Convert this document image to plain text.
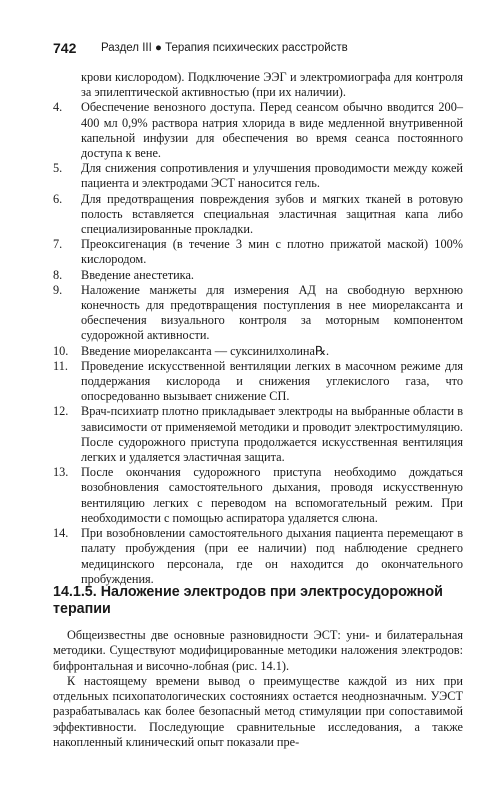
742 Раздел III ● Терапия психических расстройств

крови кислородом). Подключение ЭЭГ и электромиографа для контроля за эпилептической активностью (при их наличии).

4.	Обеспечение венозного доступа. Перед сеансом обычно вводится 200–400 мл 0,9% раствора натрия хлорида в виде медленной внутривенной капельной инфузии для обеспечения во время сеанса постоянного доступа к вене.

5.	Для снижения сопротивления и улучшения проводимости между кожей пациента и электродами ЭСТ наносится гель.

6.	Для предотвращения повреждения зубов и мягких тканей в ротовую полость вставляется специальная эластичная защитная капа либо специализированные прокладки.

7.	Преоксигенация (в течение 3 мин с плотно прижатой маской) 100% кислородом.

8.	Введение анестетика.

9.	Наложение манжеты для измерения АД на свободную верхнюю конечность для предотвращения поступления в нее миорелаксанта и обеспечения визуального контроля за моторным компонентом судорожной активности.

10.	Введение миорелаксанта — суксинилхолина℞.

11.	Проведение искусственной вентиляции легких в масочном режиме для поддержания кислорода и снижения углекислого газа, что опосредованно вызывает снижение СП.

12.	Врач-психиатр плотно прикладывает электроды на выбранные области в зависимости от применяемой методики и проводит электростимуляцию. После судорожного приступа продолжается искусственная вентиляция легких и удаляется эластичная защита.

13.	После окончания судорожного приступа необходимо дождаться возобновления самостоятельного дыхания, проводя искусственную вентиляцию легких с переводом на вспомогательный режим. При необходимости с помощью аспиратора удаляется слюна.

14.	При возобновлении самостоятельного дыхания пациента перемещают в палату пробуждения (при ее наличии) под наблюдение среднего медицинского персонала, где он находится до окончательного пробуждения.

14.1.5. Наложение электродов при электросудорожной терапии

Общеизвестны две основные разновидности ЭСТ: уни- и билатеральная методики. Существуют модифицированные методики наложения электродов: бифронтальная и височно-лобная (рис. 14.1).

К настоящему времени вывод о преимуществе каждой из них при отдельных психопатологических состояниях остается неоднозначным. УЭСТ разрабатывалась как более безопасный метод стимуляции при сопоставимой эффективности. Последующие сравнительные исследования, а также накопленный клинический опыт показали пре-
